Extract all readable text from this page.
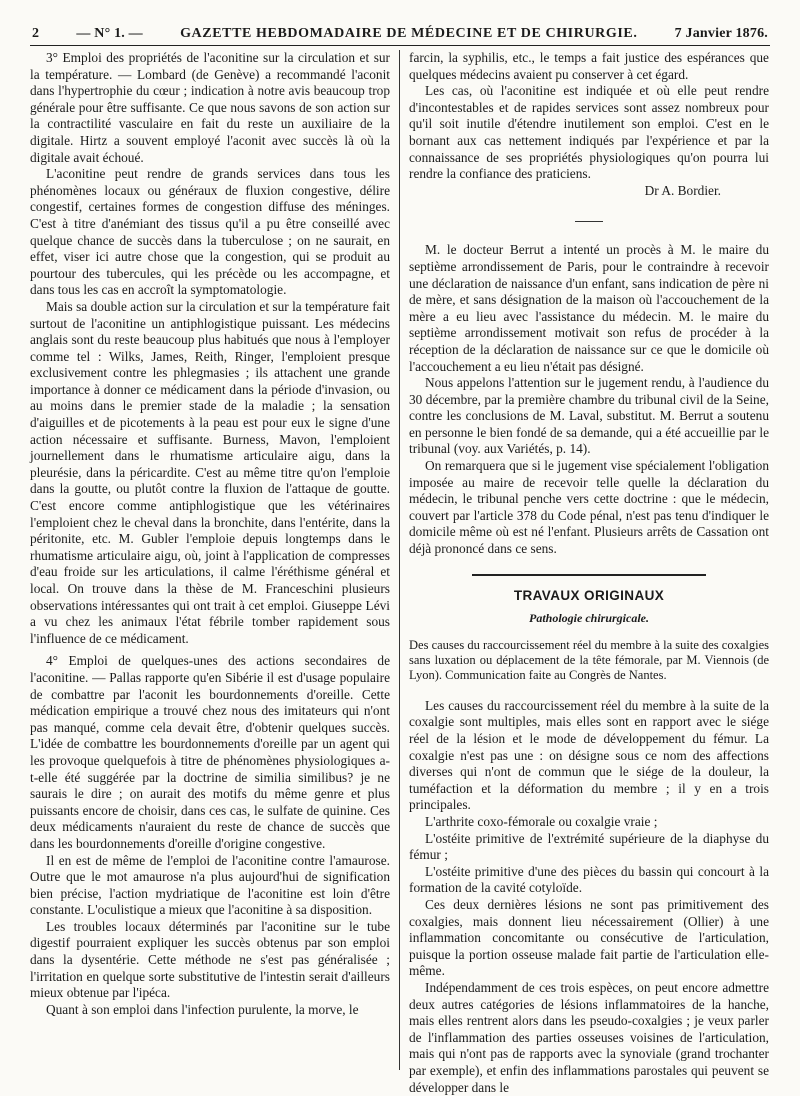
2	— N° 1. —	GAZETTE HEBDOMADAIRE DE MÉDECINE ET DE CHIRURGIE.	7 Janvier 1876.

3° Emploi des propriétés de l'aconitine sur la circulation et sur la température. — Lombard (de Genève) a recommandé l'aconit dans l'hypertrophie du cœur ; indication à notre avis beaucoup trop générale pour être suffisante. Ce que nous savons de son action sur la contractilité vasculaire en fait du reste un auxiliaire de la digitale. Hirtz a souvent employé l'aconit avec succès là où la digitale avait échoué.

L'aconitine peut rendre de grands services dans tous les phénomènes locaux ou généraux de fluxion congestive, délire congestif, certaines formes de congestion diffuse des méninges. C'est à titre d'anémiant des tissus qu'il a pu être conseillé avec quelque chance de succès dans la tuberculose ; on ne saurait, en effet, viser ici autre chose que la congestion, qui se produit au pourtour des tubercules, qui les précède ou les accompagne, et dans tous les cas en accroît la symptomatologie.

Mais sa double action sur la circulation et sur la température fait surtout de l'aconitine un antiphlogistique puissant. Les médecins anglais sont du reste beaucoup plus habitués que nous à l'employer comme tel : Wilks, James, Reith, Ringer, l'emploient presque exclusivement contre les phlegmasies ; ils attachent une grande importance à donner ce médicament dans la période d'invasion, ou au moins dans le premier stade de la maladie ; la sensation d'aiguilles et de picotements à la peau est pour eux le signe d'une action nécessaire et suffisante. Burness, Mavon, l'emploient journellement dans le rhumatisme articulaire aigu, dans la pleurésie, dans la péricardite. C'est au même titre qu'on l'emploie dans la goutte, ou plutôt contre la fluxion de l'attaque de goutte. C'est encore comme antiphlogistique que les vétérinaires l'emploient chez le cheval dans la bronchite, dans l'entérite, dans la péritonite, etc. M. Gubler l'emploie depuis longtemps dans le rhumatisme articulaire aigu, où, joint à l'application de compresses d'eau froide sur les articulations, il calme l'éréthisme général et local. On trouve dans la thèse de M. Franceschini plusieurs observations intéressantes qui ont trait à cet emploi. Giuseppe Lévi a vu chez les animaux l'état fébrile tomber rapidement sous l'influence de ce médicament.

4° Emploi de quelques-unes des actions secondaires de l'aconitine. — Pallas rapporte qu'en Sibérie il est d'usage populaire de combattre par l'aconit les bourdonnements d'oreille. Cette médication empirique a trouvé chez nous des imitateurs qui n'ont pas manqué, comme cela devait être, d'obtenir quelques succès. L'idée de combattre les bourdonnements d'oreille par un agent qui les provoque quelquefois à titre de phénomènes physiologiques a-t-elle été suggérée par la doctrine de similia similibus? je ne saurais le dire ; on aurait des motifs du même genre et plus puissants encore de choisir, dans ces cas, le sulfate de quinine. Ces deux médicaments n'auraient du reste de chance de succès que dans les bourdonnements d'oreille d'origine congestive.

Il en est de même de l'emploi de l'aconitine contre l'amaurose. Outre que le mot amaurose n'a plus aujourd'hui de signification bien précise, l'action mydriatique de l'aconitine est loin d'être constante. L'oculistique a mieux que l'aconitine à sa disposition.

Les troubles locaux déterminés par l'aconitine sur le tube digestif pourraient expliquer les succès obtenus par son emploi dans la dysentérie. Cette méthode ne s'est pas généralisée ; l'irritation en quelque sorte substitutive de l'intestin serait d'ailleurs mieux obtenue par l'ipéca.

Quant à son emploi dans l'infection purulente, la morve, le

farcin, la syphilis, etc., le temps a fait justice des espérances que quelques médecins avaient pu conserver à cet égard.

Les cas, où l'aconitine est indiquée et où elle peut rendre d'incontestables et de rapides services sont assez nombreux pour qu'il soit inutile d'étendre inutilement son emploi. C'est en le bornant aux cas nettement indiqués par l'expérience et par la connaissance de ses propriétés physiologiques qu'on pourra lui rendre la confiance des praticiens.

Dr A. Bordier.

M. le docteur Berrut a intenté un procès à M. le maire du septième arrondissement de Paris, pour le contraindre à recevoir une déclaration de naissance d'un enfant, sans indication de père ni de mère, et sans désignation de la maison où l'accouchement de la mère a eu lieu avec l'assistance du médecin. M. le maire du septième arrondissement motivait son refus de procéder à la réception de la déclaration de naissance sur ce que le domicile où l'accouchement a eu lieu n'était pas désigné.

Nous appelons l'attention sur le jugement rendu, à l'audience du 30 décembre, par la première chambre du tribunal civil de la Seine, contre les conclusions de M. Laval, substitut. M. Berrut a soutenu en personne le bien fondé de sa demande, qui a été accueillie par le tribunal (voy. aux Variétés, p. 14).

On remarquera que si le jugement vise spécialement l'obligation imposée au maire de recevoir telle quelle la déclaration du médecin, le tribunal penche vers cette doctrine : que le médecin, couvert par l'article 378 du Code pénal, n'est pas tenu d'indiquer le domicile même où est né l'enfant. Plusieurs arrêts de Cassation ont déjà prononcé dans ce sens.

TRAVAUX ORIGINAUX
Pathologie chirurgicale.

Des causes du raccourcissement réel du membre à la suite des coxalgies sans luxation ou déplacement de la tête fémorale, par M. Viennois (de Lyon). Communication faite au Congrès de Nantes.

Les causes du raccourcissement réel du membre à la suite de la coxalgie sont multiples, mais elles sont en rapport avec le siége réel de la lésion et le mode de développement du fémur. La coxalgie n'est pas une : on désigne sous ce nom des affections diverses qui n'ont de commun que le siége de la douleur, la tuméfaction et la déformation du membre ; il y en a trois principales.

L'arthrite coxo-fémorale ou coxalgie vraie ;

L'ostéite primitive de l'extrémité supérieure de la diaphyse du fémur ;

L'ostéite primitive d'une des pièces du bassin qui concourt à la formation de la cavité cotyloïde.

Ces deux dernières lésions ne sont pas primitivement des coxalgies, mais donnent lieu nécessairement (Ollier) à une inflammation concomitante ou consécutive de l'articulation, puisque la portion osseuse malade fait partie de l'articulation elle-même.

Indépendamment de ces trois espèces, on peut encore admettre deux autres catégories de lésions inflammatoires de la hanche, mais elles rentrent alors dans les pseudo-coxalgies ; je veux parler de l'inflammation des parties osseuses voisines de l'articulation, mais qui n'ont pas de rapports avec la synoviale (grand trochanter par exemple), et enfin des inflammations parostales qui peuvent se développer dans le
